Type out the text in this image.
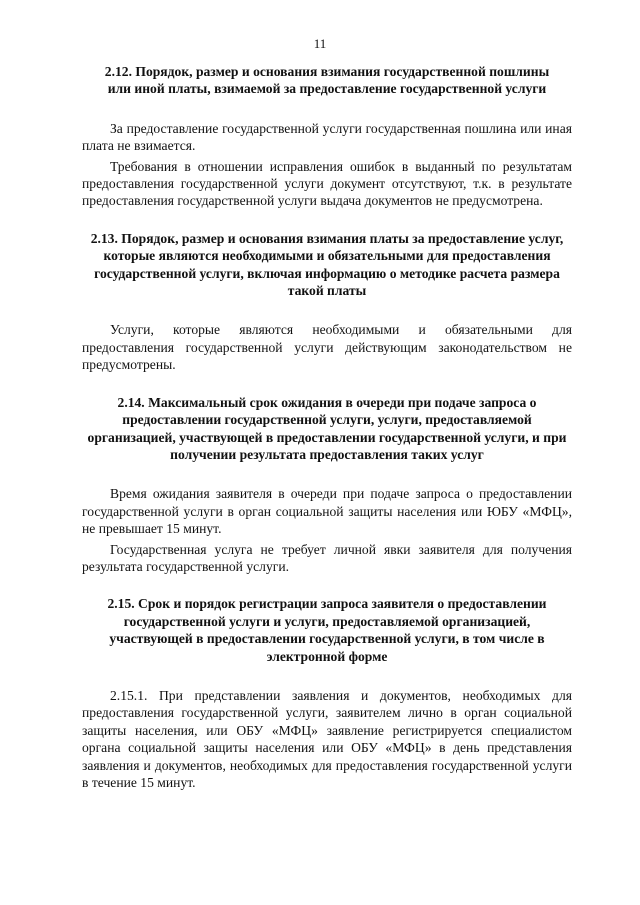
11
2.12. Порядок, размер и основания взимания государственной пошлины или иной платы, взимаемой за предоставление государственной услуги

За предоставление государственной услуги государственная пошлина или иная плата не взимается.

Требования в отношении исправления ошибок в выданный по результатам предоставления государственной услуги документ отсутствуют, т.к. в результате предоставления государственной услуги выдача документов не предусмотрена.

2.13. Порядок, размер и основания взимания платы за предоставление услуг, которые являются необходимыми и обязательными для предоставления государственной услуги, включая информацию о методике расчета размера такой платы

Услуги, которые являются необходимыми и обязательными для предоставления государственной услуги действующим законодательством не предусмотрены.

2.14. Максимальный срок ожидания в очереди при подаче запроса о предоставлении государственной услуги, услуги, предоставляемой организацией, участвующей в предоставлении государственной услуги, и при получении результата предоставления таких услуг

Время ожидания заявителя в очереди при подаче запроса о предоставлении государственной услуги в орган социальной защиты населения или ЮБУ «МФЦ», не превышает 15 минут.

Государственная услуга не требует личной явки заявителя для получения результата государственной услуги.

2.15. Срок и порядок регистрации запроса заявителя о предоставлении государственной услуги и услуги, предоставляемой организацией, участвующей в предоставлении государственной услуги, в том числе в электронной форме

2.15.1. При представлении заявления и документов, необходимых для предоставления государственной услуги, заявителем лично в орган социальной защиты населения, или ОБУ «МФЦ» заявление регистрируется специалистом органа социальной защиты населения или ОБУ «МФЦ» в день представления заявления и документов, необходимых для предоставления государственной услуги в течение 15 минут.
